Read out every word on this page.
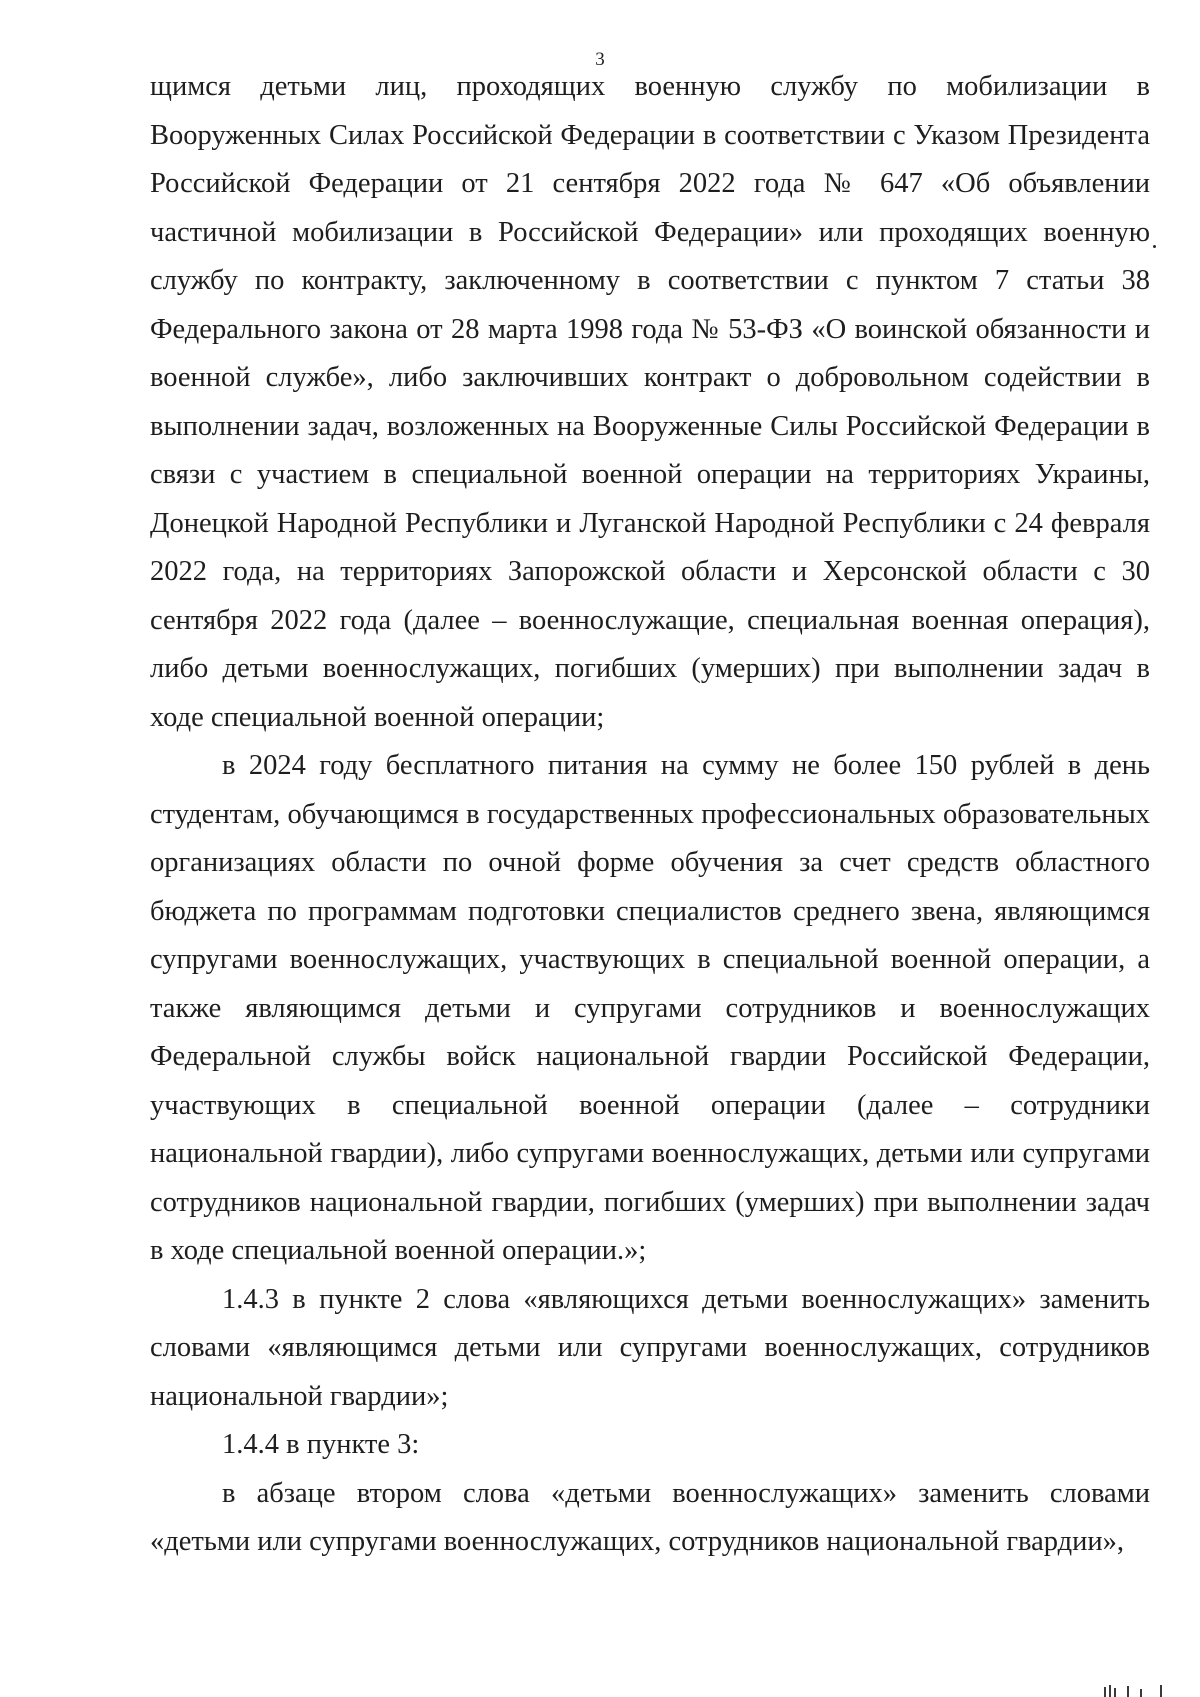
3

щимся детьми лиц, проходящих военную службу по мобилизации в Вооруженных Силах Российской Федерации в соответствии с Указом Президента Российской Федерации от 21 сентября 2022 года № 647 «Об объявлении частичной мобилизации в Российской Федерации» или проходящих военную службу по контракту, заключенному в соответствии с пунктом 7 статьи 38 Федерального закона от 28 марта 1998 года № 53-ФЗ «О воинской обязанности и военной службе», либо заключивших контракт о добровольном содействии в выполнении задач, возложенных на Вооруженные Силы Российской Федерации в связи с участием в специальной военной операции на территориях Украины, Донецкой Народной Республики и Луганской Народной Республики с 24 февраля 2022 года, на территориях Запорожской области и Херсонской области с 30 сентября 2022 года (далее – военнослужащие, специальная военная операция), либо детьми военнослужащих, погибших (умерших) при выполнении задач в ходе специальной военной операции;

в 2024 году бесплатного питания на сумму не более 150 рублей в день студентам, обучающимся в государственных профессиональных образовательных организациях области по очной форме обучения за счет средств областного бюджета по программам подготовки специалистов среднего звена, являющимся супругами военнослужащих, участвующих в специальной военной операции, а также являющимся детьми и супругами сотрудников и военнослужащих Федеральной службы войск национальной гвардии Российской Федерации, участвующих в специальной военной операции (далее – сотрудники национальной гвардии), либо супругами военнослужащих, детьми или супругами сотрудников национальной гвардии, погибших (умерших) при выполнении задач в ходе специальной военной операции.»;

1.4.3 в пункте 2 слова «являющихся детьми военнослужащих» заменить словами «являющимся детьми или супругами военнослужащих, сотрудников национальной гвардии»;

1.4.4 в пункте 3:

в абзаце втором слова «детьми военнослужащих» заменить словами «детьми или супругами военнослужащих, сотрудников национальной гвардии»,
